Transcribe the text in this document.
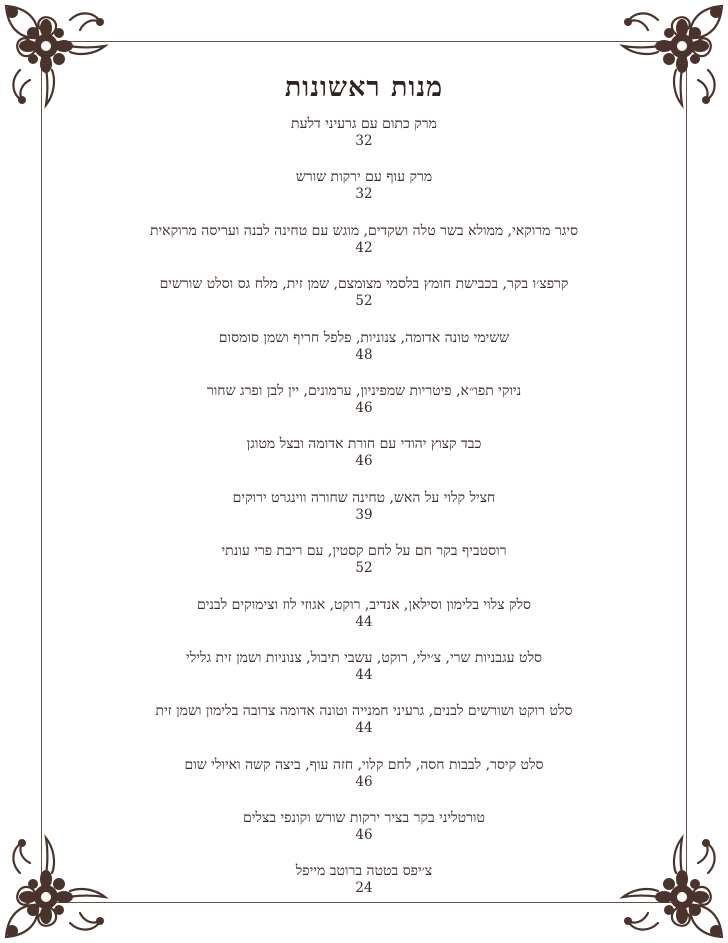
מנות ראשונות
מרק כתום עם גרעיני דלעת
32
מרק עוף עם ירקות שורש
32
סיגר מרוקאי, ממולא בשר טלה ושקדים, מוגש עם טחינה לבנה ועריסה מרוקאית
42
קרפצ׳ו בקר, בכבישת חומץ בלסמי מצומצם, שמן זית, מלח גס וסלט שורשים
52
ששימי טונה אדומה, צנוניות, פלפל חריף ושמן סומסום
48
ניוקי תפו״א, פיטריות שמפיניון, ערמונים, יין לבן ופרג שחור
46
כבד קצוץ יהודי עם חורת אדומה ובצל מטוגן
46
חציל קלוי על האש, טחינה שחורה ווינגרט ירוקים
39
רוסטביף בקר חם על לחם קסטין, עם ריבת פרי עונתי
52
סלק צלוי בלימון וסילאן, אנדיב, רוקט, אגוזי לוז וצימוקים לבנים
44
סלט עגבניות שרי, צ׳ילי, רוקט, עשבי תיבול, צנוניות ושמן זית גלילי
44
סלט רוקט ושורשים לבנים, גרעיני חמנייה וטונה אדומה צרובה בלימון ושמן זית
44
סלט קיסר, לבבות חסה, לחם קלוי, חזה עוף, ביצה קשה ואיולי שום
46
טורטליני בקר בציר ירקות שורש וקונפי בצלים
46
צ׳יפס בטטה ברוטב מייפל
24
